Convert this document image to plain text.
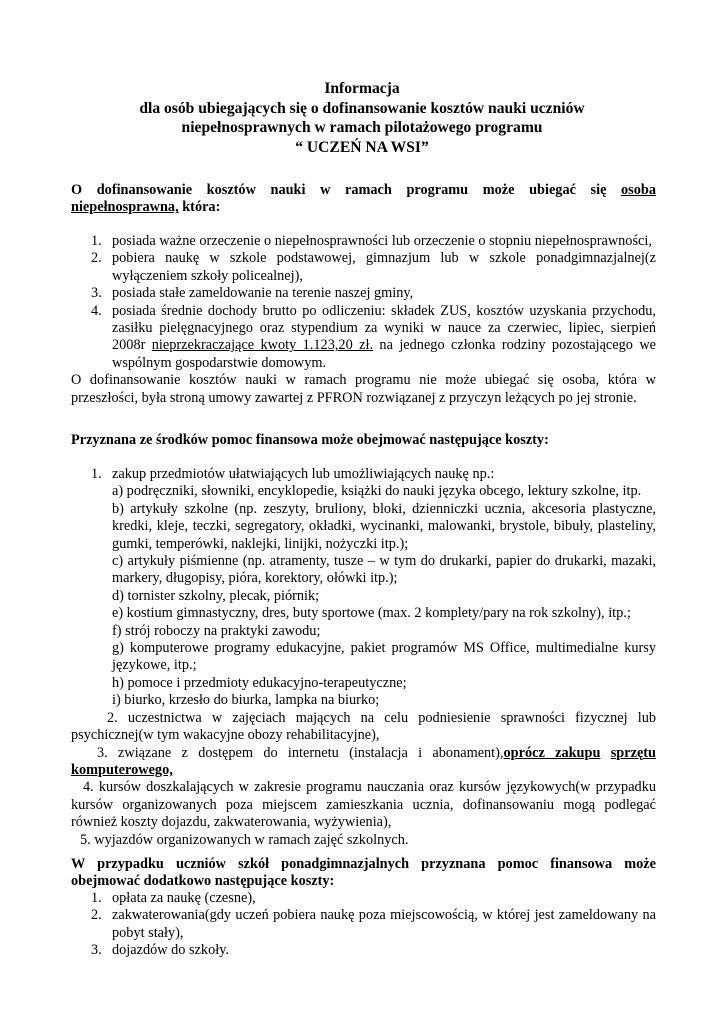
Informacja
dla osób ubiegających się o dofinansowanie kosztów nauki uczniów
niepełnosprawnych w ramach pilotażowego programu
“ UCZEŃ NA WSI”
O dofinansowanie kosztów nauki w ramach programu może ubiegać się osoba niepełnosprawna, która:
1. posiada ważne orzeczenie o niepełnosprawności lub orzeczenie o stopniu niepełnosprawności,
2. pobiera naukę w szkole podstawowej, gimnazjum lub w szkole ponadgimnazjalnej(z wyłączeniem szkoły policealnej),
3. posiada stałe zameldowanie na terenie naszej gminy,
4. posiada średnie dochody brutto po odliczeniu: składek ZUS, kosztów uzyskania przychodu, zasiłku pielęgnacyjnego oraz stypendium za wyniki w nauce za czerwiec, lipiec, sierpień 2008r nieprzekraczające kwoty 1.123,20 zł. na jednego członka rodziny pozostającego we wspólnym gospodarstwie domowym.
O dofinansowanie kosztów nauki w ramach programu nie może ubiegać się osoba, która w przeszłości, była stroną umowy zawartej z PFRON rozwiązanej z przyczyn leżących po jej stronie.
Przyznana ze środków pomoc finansowa może obejmować następujące koszty:
1. zakup przedmiotów ułatwiających lub umożliwiających naukę np.:
a) podręczniki, słowniki, encyklopedie, książki do nauki języka obcego, lektury szkolne, itp.
b) artykuły szkolne (np. zeszyty, bruliony, bloki, dzienniczki ucznia, akcesoria plastyczne, kredki, kleje, teczki, segregatory, okładki, wycinanki, malowanki, brystole, bibuły, plasteliny, gumki, temperówki, naklejki, linijki, nożyczki itp.);
c) artykuły piśmienne (np. atramenty, tusze – w tym do drukarki, papier do drukarki, mazaki, markery, długopisy, pióra, korektory, ołówki itp.);
d) tornister szkolny, plecak, piórnik;
e) kostium gimnastyczny, dres, buty sportowe (max. 2 komplety/pary na rok szkolny), itp.;
f) strój roboczy na praktyki zawodu;
g) komputerowe programy edukacyjne, pakiet programów MS Office, multimedialne kursy językowe, itp.;
h) pomoce i przedmioty edukacyjno-terapeutyczne;
i) biurko, krzesło do biurka, lampka na biurko;
2. uczestnictwa w zajęciach mających na celu podniesienie sprawności fizycznej lub psychicznej(w tym wakacyjne obozy rehabilitacyjne),
3. związane z dostępem do internetu (instalacja i abonament),oprócz zakupu sprzętu komputerowego,
4. kursów doszkalających w zakresie programu nauczania oraz kursów językowych(w przypadku kursów organizowanych poza miejscem zamieszkania ucznia, dofinansowaniu mogą podlegać również koszty dojazdu, zakwaterowania, wyżywienia),
5. wyjazdów organizowanych w ramach zajęć szkolnych.
W przypadku uczniów szkół ponadgimnazjalnych przyznana pomoc finansowa może obejmować dodatkowo następujące koszty:
1. opłata za naukę (czesne),
2. zakwaterowania(gdy uczeń pobiera naukę poza miejscowością, w której jest zameldowany na pobyt stały),
3. dojazdów do szkoły.
